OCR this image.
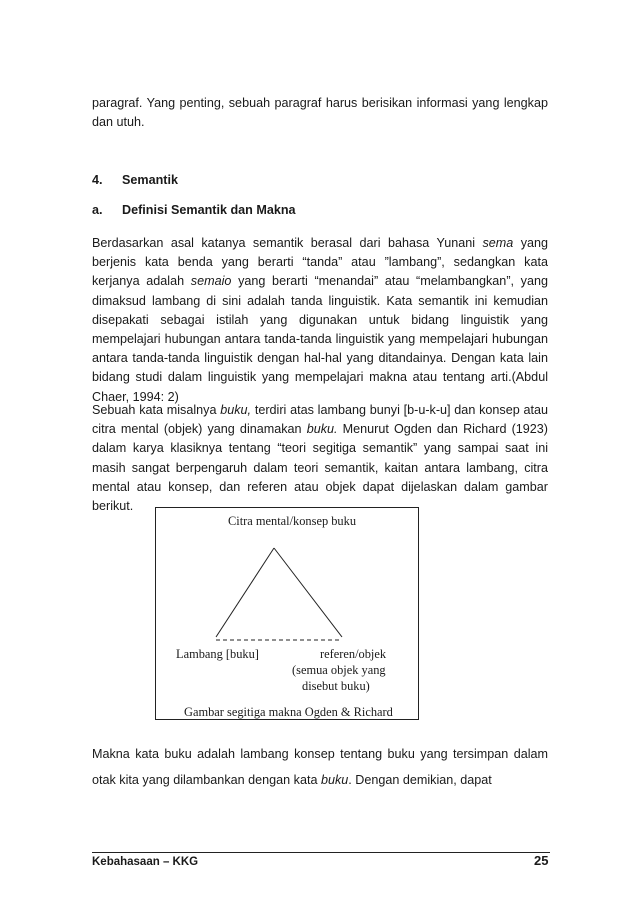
paragraf. Yang penting, sebuah paragraf harus berisikan informasi yang lengkap dan utuh.

4. Semantik

a. Definisi Semantik dan Makna

Berdasarkan asal katanya semantik berasal dari bahasa Yunani sema yang berjenis kata benda yang berarti “tanda” atau ”lambang”, sedangkan kata kerjanya adalah semaio yang berarti “menandai” atau “melambangkan”, yang dimaksud lambang di sini adalah tanda linguistik. Kata semantik ini kemudian disepakati sebagai istilah yang digunakan untuk bidang linguistik yang mempelajari hubungan antara tanda-tanda linguistik yang mempelajari hubungan antara tanda-tanda linguistik dengan hal-hal yang ditandainya. Dengan kata lain bidang studi dalam linguistik yang mempelajari makna atau tentang arti.(Abdul Chaer, 1994: 2)

Sebuah kata misalnya buku, terdiri atas lambang bunyi [b-u-k-u] dan konsep atau citra mental (objek) yang dinamakan buku. Menurut Ogden dan Richard (1923) dalam karya klasiknya tentang “teori segitiga semantik” yang sampai saat ini masih sangat berpengaruh dalam teori semantik, kaitan antara lambang, citra mental atau konsep, dan referen atau objek dapat dijelaskan dalam gambar berikut.

Citra mental/konsep buku

Lambang [buku]	referen/objek

(semua objek yang

disebut buku)

Gambar segitiga makna Ogden & Richard

Makna kata buku adalah lambang konsep tentang buku yang tersimpan dalam otak kita yang dilambankan dengan kata buku. Dengan demikian, dapat

Kebahasaan – KKG	25
